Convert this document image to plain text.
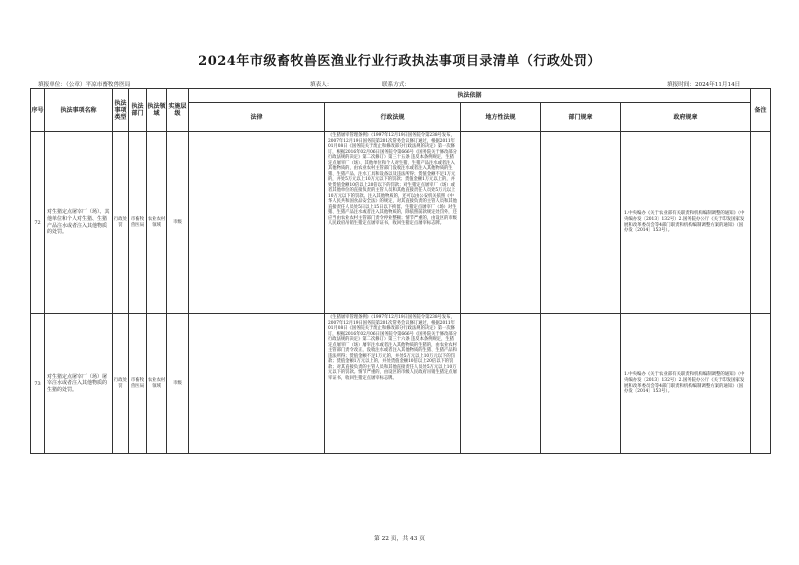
2024年市级畜牧兽医渔业行业行政执法事项目录清单（行政处罚）
填报单位：（公章）平凉市畜牧兽医局	填表人：	联系方式：	填报时间：2024年11月14日
序号	执法事项名称	执法事项类型	执法部门	执法领域	实施层级	执法依据					备注
						法律	行政法规	地方性法规	部门规章	政府规章	
72	对生猪定点屠宰厂（场）、其他单位和个人对生猪、生猪产品注水或者注入其他物质的处罚。	行政处罚	市畜牧兽医局	农业农村领域	市级		《生猪屠宰管理条例》（1997年12月19日国务院令第238号发布，2007年12月19日国务院第201次常务会议修订通过，根据2011年01月08日《国务院关于废止和修改部分行政法规的决定》第一次修订，根据2016年02月06日国务院令第666号《国务院关于修改部分行政法规的决定》第二次修订）第三十五条 违反本条例规定，生猪定点屠宰厂（场）、其他单位和个人对生猪、生猪产品注水或者注入其他物质的，由农业农村主管部门没收注水或者注入其他物质的生猪、生猪产品、注水工具和设备以及违法所得；货值金额不足1万元的，并处5万元以上10万元以下的罚款；货值金额1万元以上的，并处货值金额10倍以上20倍以下的罚款；对生猪定点屠宰厂（场）或者其他单位的直接负责的主管人员和其他直接责任人员处5万元以上10万元以下的罚款。注入其他物质的，还可以由公安机关依照《中华人民共和国食品安全法》的规定，对其直接负责的主管人员和其他直接责任人员处5日以上15日以下拘留。生猪定点屠宰厂（场）对生猪、生猪产品注水或者注入其他物质的，除依照前款规定处罚外，还应当由农业农村主管部门责令停业整顿；情节严重的，由设区的市级人民政府吊销生猪定点屠宰证书，收回生猪定点屠宰标志牌。			1.中央编办《关于农业部有关职责和机构编制调整的通知》（中央编办发〔2013〕132号）2.国务院办公厅《关于印发国家发展和改革委员会等4部门职责和机构编制调整方案的通知》（国办发〔2014〕153号）。	
73	对生猪定点屠宰厂（场）屠宰注水或者注入其他物质的生猪的处罚。	行政处罚	市畜牧兽医局	农业农村领域	市级		《生猪屠宰管理条例》（1997年12月19日国务院令第238号发布，2007年12月19日国务院第201次常务会议修订通过，根据2011年01月08日《国务院关于废止和修改部分行政法规的决定》第一次修订，根据2016年02月06日国务院令第666号《国务院关于修改部分行政法规的决定》第二次修订）第三十六条 违反本条例规定，生猪定点屠宰厂（场）屠宰注水或者注入其他物质的生猪的，由农业农村主管部门责令改正，没收注水或者注入其他物质的生猪、生猪产品和违法所得；货值金额不足1万元的，并处5万元以上10万元以下的罚款；货值金额1万元以上的，并处货值金额10倍以上20倍以下的罚款；对其直接负责的主管人员和其他直接责任人员处5万元以上10万元以下的罚款。情节严重的，由设区的市级人民政府吊销生猪定点屠宰证书，收回生猪定点屠宰标志牌。			1.中央编办《关于农业部有关职责和机构编制调整的通知》（中央编办发〔2013〕132号）2.国务院办公厅《关于印发国家发展和改革委员会等4部门职责和机构编制调整方案的通知》（国办发〔2014〕153号）。	
第 22 页，共 43 页
